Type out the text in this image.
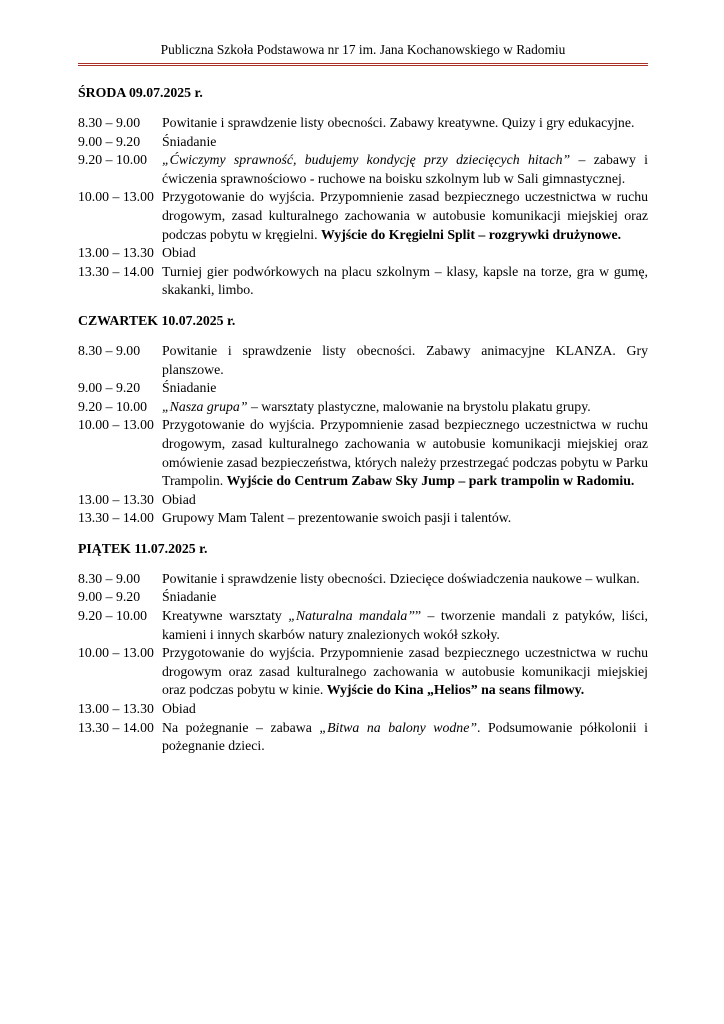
Publiczna Szkoła Podstawowa nr 17 im. Jana Kochanowskiego w Radomiu
ŚRODA 09.07.2025 r.
8.30 – 9.00	Powitanie i sprawdzenie listy obecności. Zabawy kreatywne. Quizy i gry edukacyjne.
9.00 – 9.20	Śniadanie
9.20 – 10.00	„Ćwiczymy sprawność, budujemy kondycję przy dziecięcych hitach” – zabawy i ćwiczenia sprawnościowo - ruchowe na boisku szkolnym lub w Sali gimnastycznej.
10.00 – 13.00 Przygotowanie do wyjścia. Przypomnienie zasad bezpiecznego uczestnictwa w ruchu drogowym, zasad kulturalnego zachowania w autobusie komunikacji miejskiej oraz podczas pobytu w kręgielni. Wyjście do Kręgielni Split – rozgrywki drużynowe.
13.00 – 13.30 Obiad
13.30 – 14.00 Turniej gier podwórkowych na placu szkolnym – klasy, kapsle na torze, gra w gumę, skakanki, limbo.
CZWARTEK 10.07.2025 r.
8.30 – 9.00	Powitanie i sprawdzenie listy obecności. Zabawy animacyjne KLANZA. Gry planszowe.
9.00 – 9.20	Śniadanie
9.20 – 10.00	„Nasza grupa” – warsztaty plastyczne, malowanie na brystolu plakatu grupy.
10.00 – 13.00 Przygotowanie do wyjścia. Przypomnienie zasad bezpiecznego uczestnictwa w ruchu drogowym, zasad kulturalnego zachowania w autobusie komunikacji miejskiej oraz omówienie zasad bezpieczeństwa, których należy przestrzegać podczas pobytu w Parku Trampolin. Wyjście do Centrum Zabaw Sky Jump – park trampolin w Radomiu.
13.00 – 13.30 Obiad
13.30 – 14.00 Grupowy Mam Talent – prezentowanie swoich pasji i talentów.
PIĄTEK 11.07.2025 r.
8.30 – 9.00	Powitanie i sprawdzenie listy obecności. Dziecięce doświadczenia naukowe – wulkan.
9.00 – 9.20	Śniadanie
9.20 – 10.00	Kreatywne warsztaty „Naturalna mandala”” – tworzenie mandali z patyków, liści, kamieni i innych skarbów natury znalezionych wokół szkoły.
10.00 – 13.00 Przygotowanie do wyjścia. Przypomnienie zasad bezpiecznego uczestnictwa w ruchu drogowym oraz zasad kulturalnego zachowania w autobusie komunikacji miejskiej oraz podczas pobytu w kinie. Wyjście do Kina „Helios” na seans filmowy.
13.00 – 13.30 Obiad
13.30 – 14.00 Na pożegnanie – zabawa „Bitwa na balony wodne”. Podsumowanie półkolonii i pożegnanie dzieci.
